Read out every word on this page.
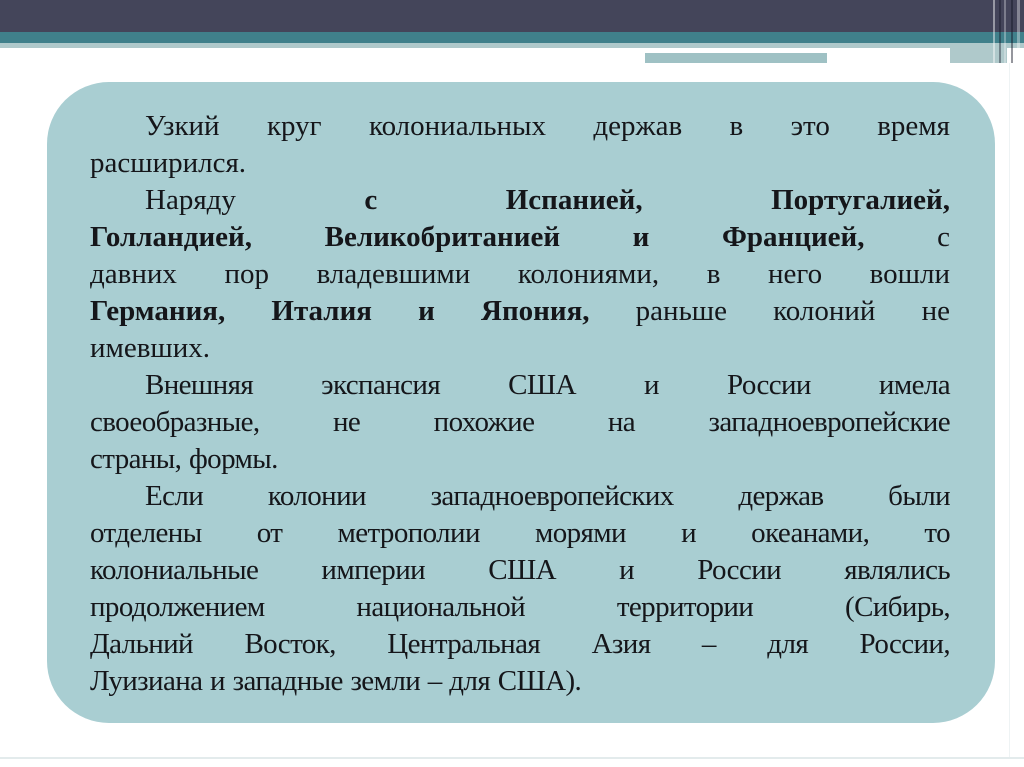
Узкий круг колониальных держав в это время
расширился.
Наряду с Испанией, Португалией,
Голландией, Великобританией и Францией, с
давних пор владевшими колониями, в него вошли
Германия, Италия и Япония, раньше колоний не
имевших.
Внешняя экспансия США и России имела
своеобразные, не похожие на западноевропейские
страны, формы.
Если колонии западноевропейских держав были
отделены от метрополии морями и океанами, то
колониальные империи США и России являлись
продолжением национальной территории (Сибирь,
Дальний Восток, Центральная Азия – для России,
Луизиана и западные земли – для США).
